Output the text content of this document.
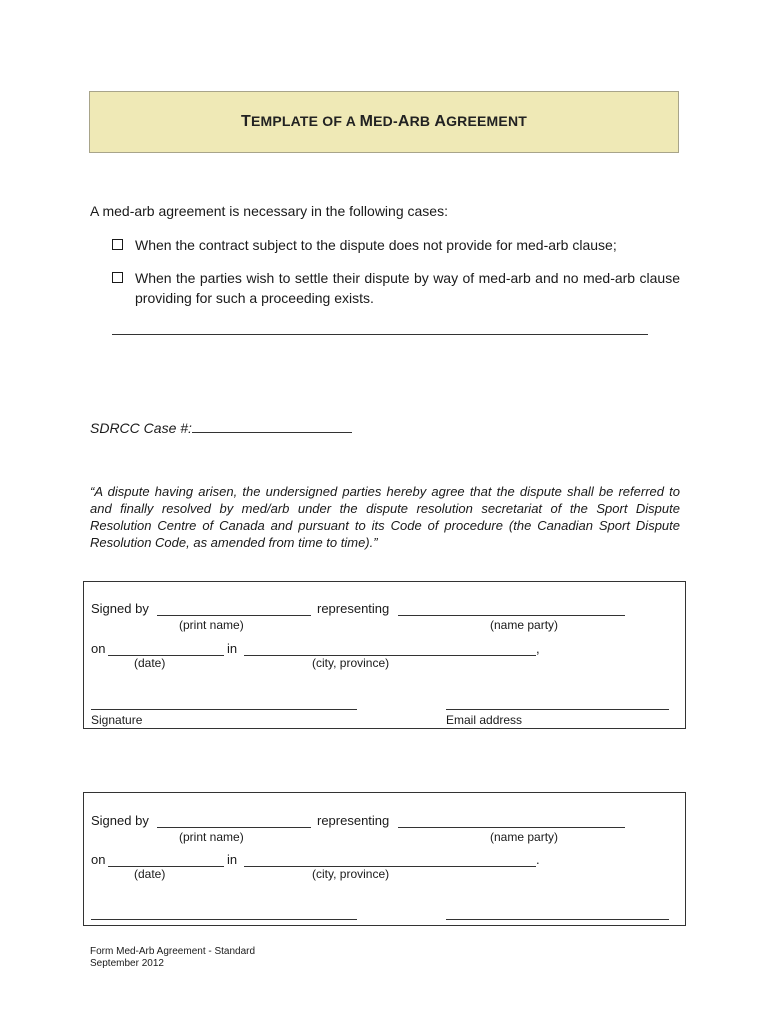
TEMPLATE OF A MED-ARB AGREEMENT
A med-arb agreement is necessary in the following cases:
When the contract subject to the dispute does not provide for med-arb clause;
When the parties wish to settle their dispute by way of med-arb and no med-arb clause providing for such a proceeding exists.
SDRCC Case #:
“A dispute having arisen, the undersigned parties hereby agree that the dispute shall be referred to and finally resolved by med/arb under the dispute resolution secretariat of the Sport Dispute Resolution Centre of Canada and pursuant to its Code of procedure (the Canadian Sport Dispute Resolution Code, as amended from time to time).”
Signed by	representing
(print name)	(name party)
on	in	,
(date)	(city, province)
Signature	Email address
Signed by	representing
(print name)	(name party)
on	in	.
(date)	(city, province)
Form Med-Arb Agreement - Standard
September 2012
